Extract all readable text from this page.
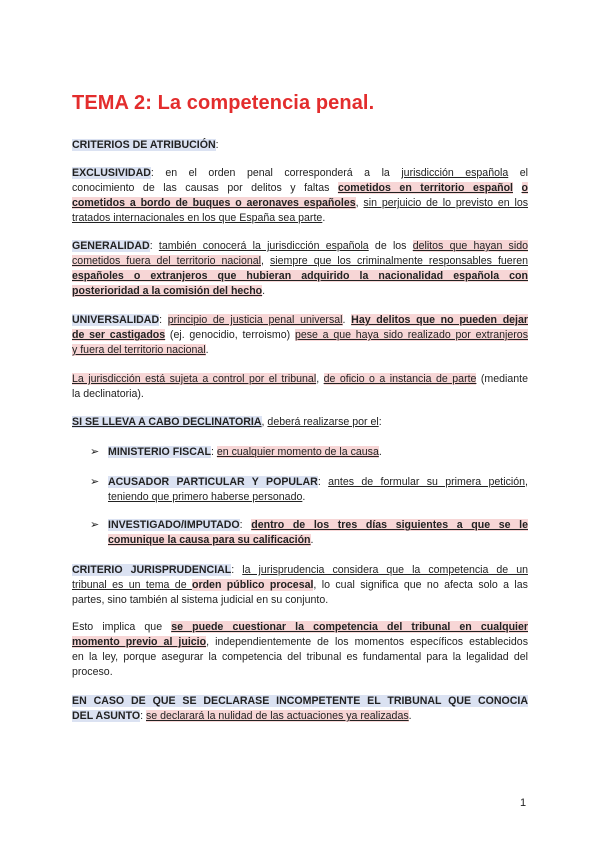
TEMA 2: La competencia penal.
CRITERIOS DE ATRIBUCIÓN:
EXCLUSIVIDAD: en el orden penal corresponderá a la jurisdicción española el
conocimiento de las causas por delitos y faltas cometidos en territorio español o
cometidos a bordo de buques o aeronaves españoles, sin perjuicio de lo previsto en los
tratados internacionales en los que España sea parte.
GENERALIDAD: también conocerá la jurisdicción española de los delitos que hayan sido
cometidos fuera del territorio nacional, siempre que los criminalmente responsables fueren
españoles o extranjeros que hubieran adquirido la nacionalidad española con
posterioridad a la comisión del hecho.
UNIVERSALIDAD: principio de justicia penal universal. Hay delitos que no pueden dejar
de ser castigados (ej. genocidio, terroismo) pese a que haya sido realizado por extranjeros
y fuera del territorio nacional.
La jurisdicción está sujeta a control por el tribunal, de oficio o a instancia de parte (mediante
la declinatoria).
SI SE LLEVA A CABO DECLINATORIA, deberá realizarse por el:
➢ MINISTERIO FISCAL: en cualquier momento de la causa.
➢ ACUSADOR PARTICULAR Y POPULAR: antes de formular su primera petición,
teniendo que primero haberse personado.
➢ INVESTIGADO/IMPUTADO: dentro de los tres días siguientes a que se le
comunique la causa para su calificación.
CRITERIO JURISPRUDENCIAL: la jurisprudencia considera que la competencia de un
tribunal es un tema de orden público procesal, lo cual significa que no afecta solo a las
partes, sino también al sistema judicial en su conjunto.
Esto implica que se puede cuestionar la competencia del tribunal en cualquier
momento previo al juicio, independientemente de los momentos específicos establecidos
en la ley, porque asegurar la competencia del tribunal es fundamental para la legalidad del
proceso.
EN CASO DE QUE SE DECLARASE INCOMPETENTE EL TRIBUNAL QUE CONOCIA
DEL ASUNTO: se declarará la nulidad de las actuaciones ya realizadas.
1
